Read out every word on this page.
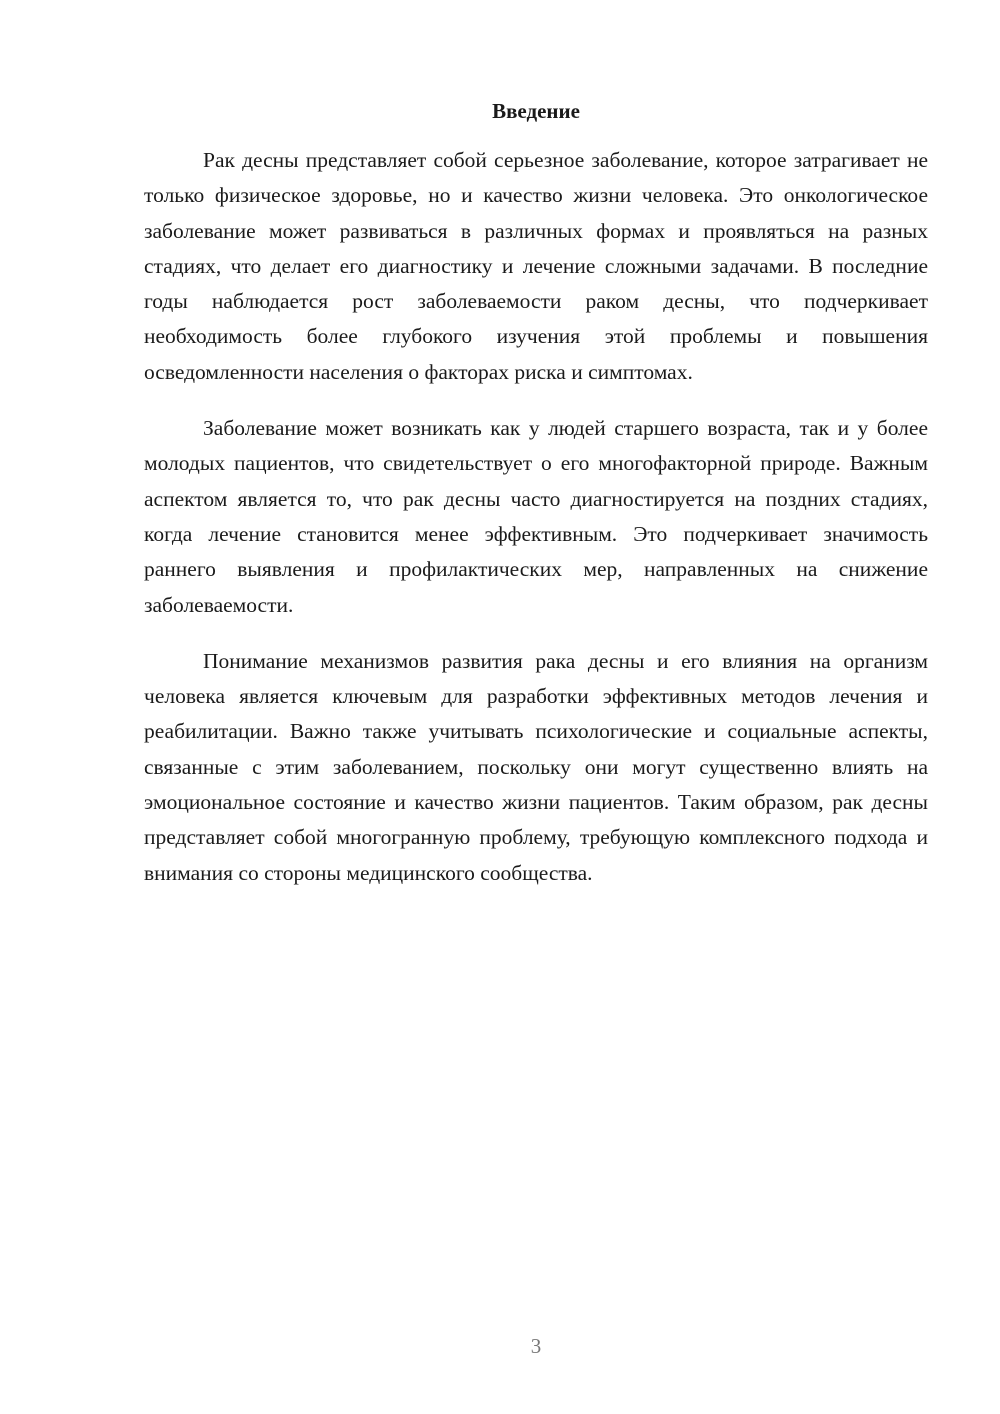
Введение

Рак десны представляет собой серьезное заболевание, которое затрагивает не только физическое здоровье, но и качество жизни человека. Это онкологическое заболевание может развиваться в различных формах и проявляться на разных стадиях, что делает его диагностику и лечение сложными задачами. В последние годы наблюдается рост заболеваемости раком десны, что подчеркивает необходимость более глубокого изучения этой проблемы и повышения осведомленности населения о факторах риска и симптомах.

Заболевание может возникать как у людей старшего возраста, так и у более молодых пациентов, что свидетельствует о его многофакторной природе. Важным аспектом является то, что рак десны часто диагностируется на поздних стадиях, когда лечение становится менее эффективным. Это подчеркивает значимость раннего выявления и профилактических мер, направленных на снижение заболеваемости.

Понимание механизмов развития рака десны и его влияния на организм человека является ключевым для разработки эффективных методов лечения и реабилитации. Важно также учитывать психологические и социальные аспекты, связанные с этим заболеванием, поскольку они могут существенно влиять на эмоциональное состояние и качество жизни пациентов. Таким образом, рак десны представляет собой многогранную проблему, требующую комплексного подхода и внимания со стороны медицинского сообщества.

3
